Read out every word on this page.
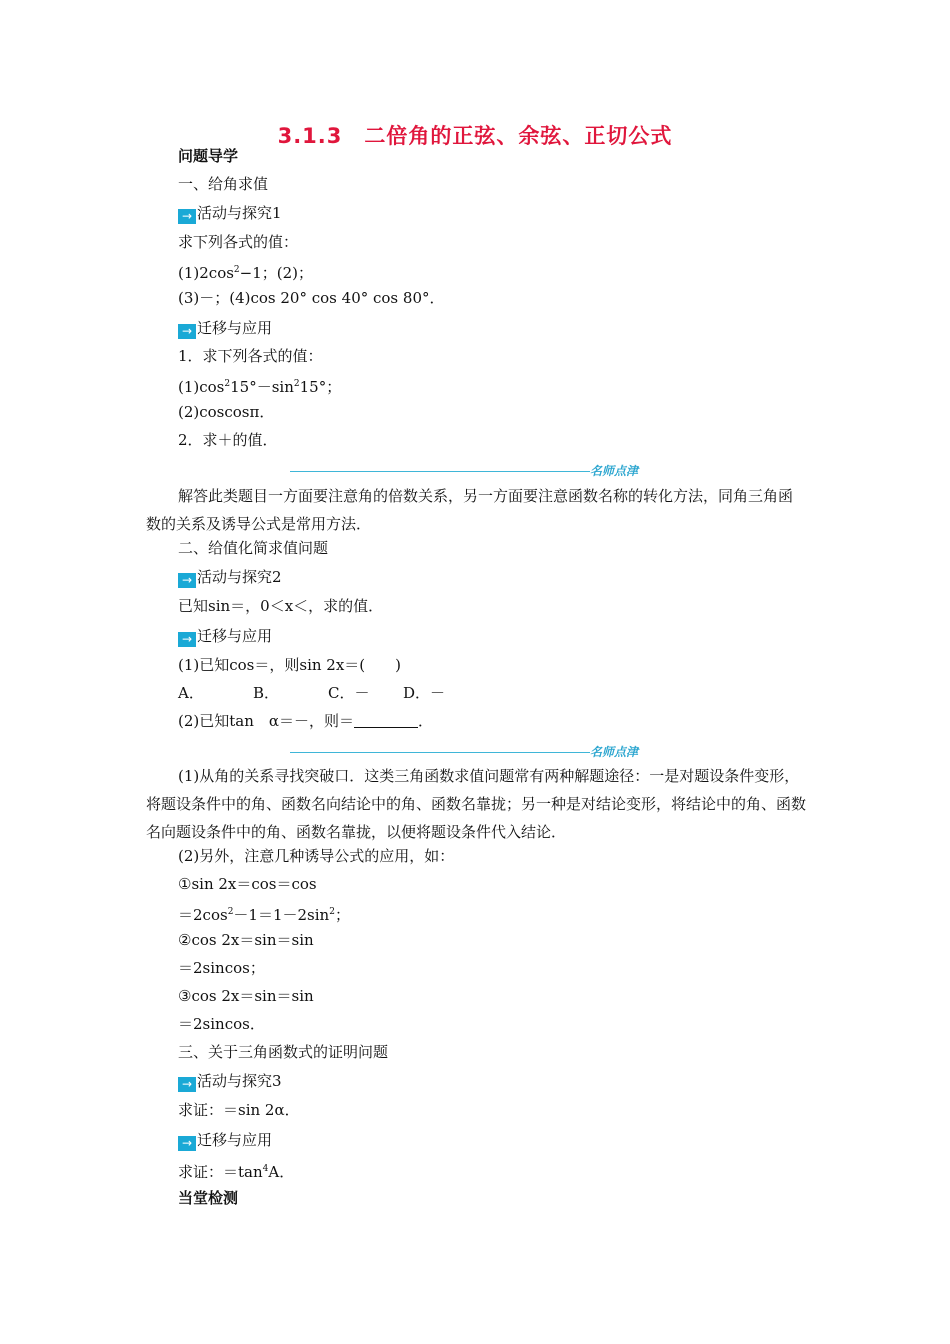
3.1.3　二倍角的正弦、余弦、正切公式
问题导学
一、给角求值
→ 活动与探究1
求下列各式的值：
$(1)2\cos^2-1$；(2)；
(3)－；(4)cos 20° cos 40° cos 80°．
→ 迁移与应用
1．求下列各式的值：
$(1)\cos^215^\circ-\sin^215^\circ$；
(2)coscosπ．
2．求＋的值．
名师点津
解答此类题目一方面要注意角的倍数关系，另一方面要注意函数名称的转化方法，同角三角函数的关系及诱导公式是常用方法．
二、给值化简求值问题
→ 活动与探究2
已知sin＝，0＜x＜，求的值．
→ 迁移与应用
(1)已知cos＝，则sin 2x＝(　　)
A．	B．	C．－ D．－
(2)已知tan　α＝－，则＝	．
名师点津
(1)从角的关系寻找突破口．这类三角函数求值问题常有两种解题途径：一是对题设条件变形，将题设条件中的角、函数名向结论中的角、函数名靠拢；另一种是对结论变形，将结论中的角、函数名向题设条件中的角、函数名靠拢，以便将题设条件代入结论．
(2)另外，注意几种诱导公式的应用，如：
①sin 2x＝cos＝cos
$=2\cos^2-1=1-2\sin^2$；
②cos 2x＝sin＝sin
＝2sincos；
③cos 2x＝sin＝sin
＝2sincos．
三、关于三角函数式的证明问题
→ 活动与探究3
求证：＝sin 2α．
→ 迁移与应用
求证：$=\tan^4A$．
当堂检测
